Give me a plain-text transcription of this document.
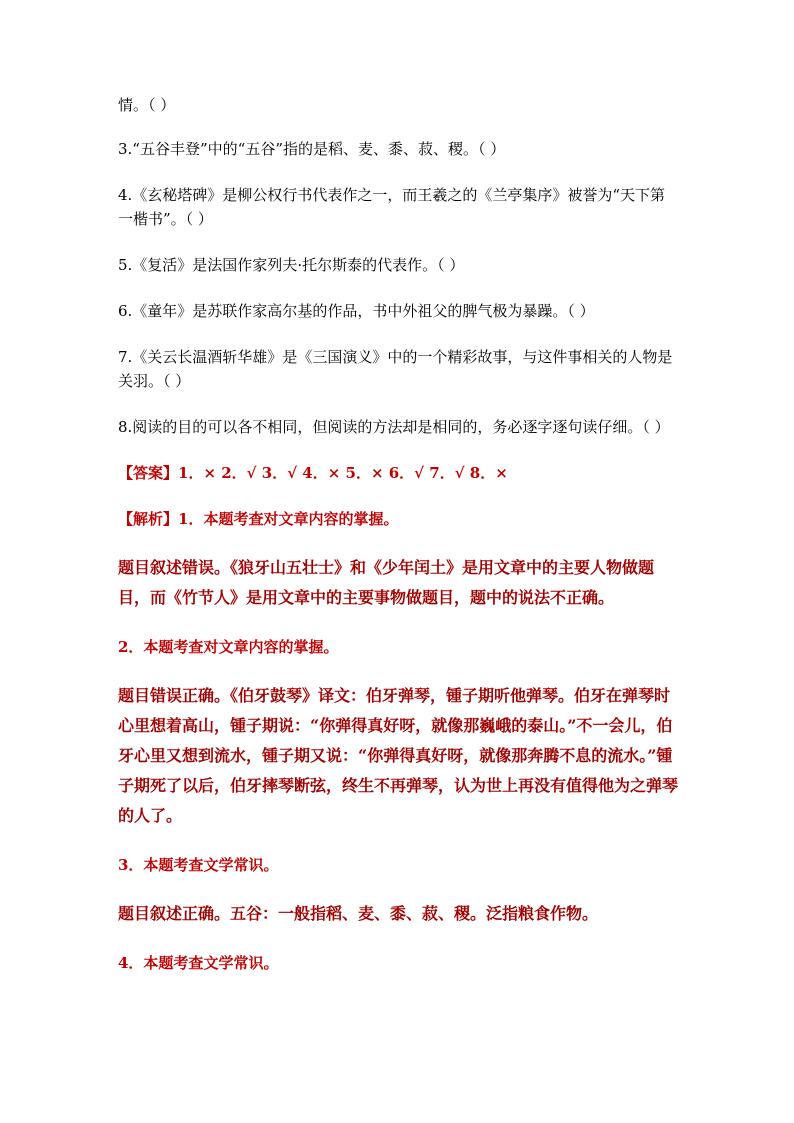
情。（ ）

3.“五谷丰登”中的“五谷”指的是稻、麦、黍、菽、稷。（ ）

4.《玄秘塔碑》是柳公权行书代表作之一，而王羲之的《兰亭集序》被誉为“天下第一楷书”。（ ）

5.《复活》是法国作家列夫·托尔斯泰的代表作。（ ）

6.《童年》是苏联作家高尔基的作品，书中外祖父的脾气极为暴躁。（ ）

7.《关云长温酒斩华雄》是《三国演义》中的一个精彩故事，与这件事相关的人物是关羽。（ ）

8.阅读的目的可以各不相同，但阅读的方法却是相同的，务必逐字逐句读仔细。（ ）

【答案】1．× 2．√ 3．√ 4．× 5．× 6．√ 7．√ 8．×

【解析】1．本题考查对文章内容的掌握。

题目叙述错误。《狼牙山五壮士》和《少年闰土》是用文章中的主要人物做题目，而《竹节人》是用文章中的主要事物做题目，题中的说法不正确。

2．本题考查对文章内容的掌握。

题目错误正确。《伯牙鼓琴》译文：伯牙弹琴，锺子期听他弹琴。伯牙在弹琴时心里想着高山，锺子期说：“你弹得真好呀，就像那巍峨的泰山。”不一会儿，伯牙心里又想到流水，锺子期又说：“你弹得真好呀，就像那奔腾不息的流水。”锺子期死了以后，伯牙摔琴断弦，终生不再弹琴，认为世上再没有值得他为之弹琴的人了。

3．本题考查文学常识。

题目叙述正确。五谷：一般指稻、麦、黍、菽、稷。泛指粮食作物。

4．本题考查文学常识。
